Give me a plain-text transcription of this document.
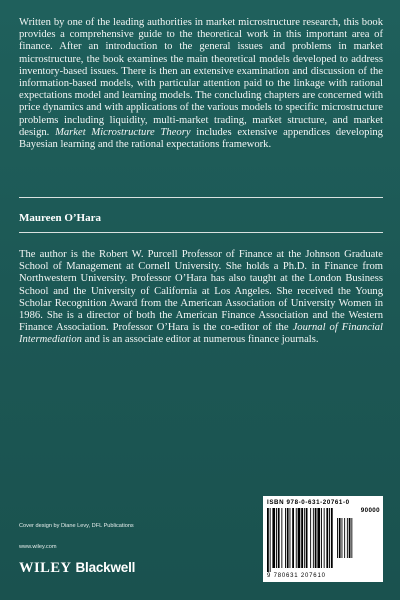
Written by one of the leading authorities in market microstructure research, this book provides a comprehensive guide to the theoretical work in this important area of finance. After an introduction to the general issues and problems in market microstructure, the book examines the main theoretical models developed to address inventory-based issues. There is then an extensive examination and discussion of the information-based models, with particular attention paid to the linkage with rational expectations model and learning models. The concluding chapters are concerned with price dynamics and with applications of the various models to specific microstructure problems including liquidity, multi-market trading, market structure, and market design. Market Microstructure Theory includes extensive appendices developing Bayesian learning and the rational expectations framework.

Maureen O’Hara

The author is the Robert W. Purcell Professor of Finance at the Johnson Graduate School of Management at Cornell University. She holds a Ph.D. in Finance from Northwestern University. Professor O’Hara has also taught at the London Business School and the University of California at Los Angeles. She received the Young Scholar Recognition Award from the American Association of University Women in 1986. She is a director of both the American Finance Association and the Western Finance Association. Professor O’Hara is the co-editor of the Journal of Financial Intermediation and is an associate editor at numerous finance journals.

Cover design by Diane Levy, DFL Publications
www.wiley.com
WILEY Blackwell
ISBN 978-0-631-20761-0
90000
9 780631 207610
